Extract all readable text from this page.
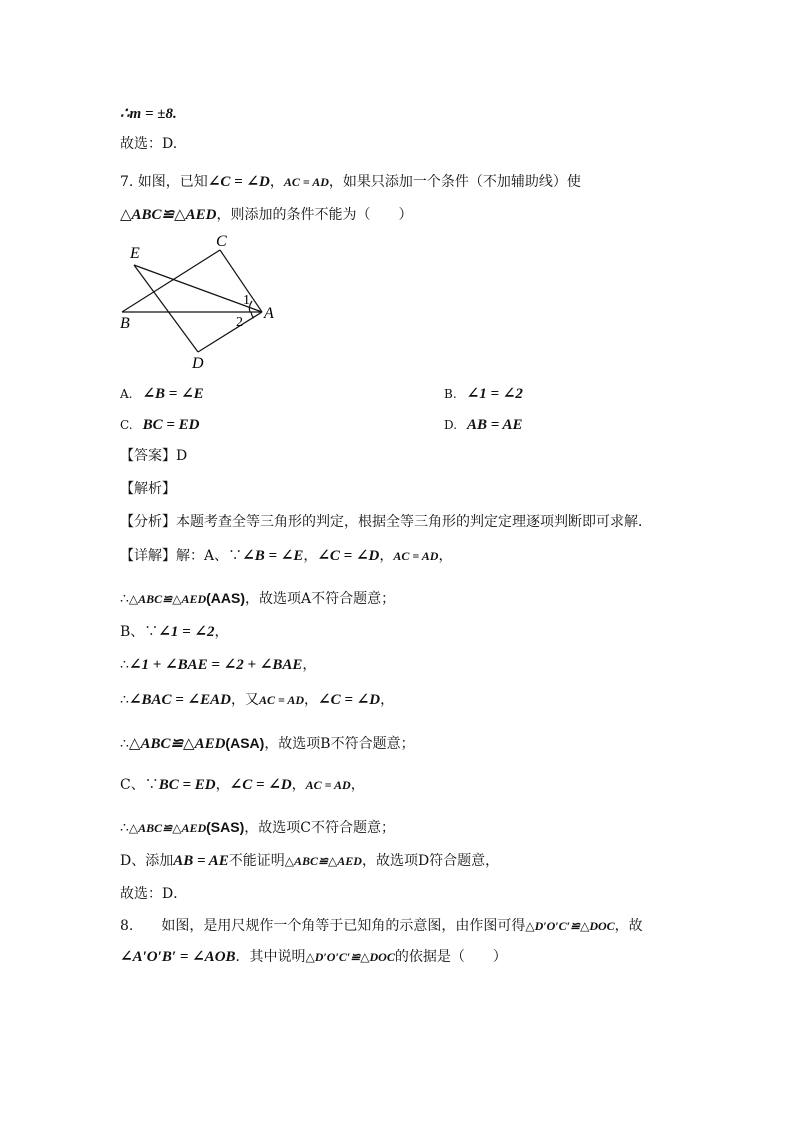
∴m = ±8.
故选：D.
7. 如图，已知∠C = ∠D，AC = AD，如果只添加一个条件（不加辅助线）使
△ABC≌△AED，则添加的条件不能为（　　）
E
C
B
A
D
1
2
A. ∠B = ∠E	B. ∠1 = ∠2
C. BC = ED	D. AB = AE
【答案】D
【解析】
【分析】本题考查全等三角形的判定，根据全等三角形的判定定理逐项判断即可求解．
【详解】解：A、∵∠B = ∠E，∠C = ∠D，AC = AD，
∴△ABC≌△AED(AAS)，故选项A不符合题意；
B、∵∠1 = ∠2，
∴∠1 + ∠BAE = ∠2 + ∠BAE，
∴∠BAC = ∠EAD，又AC = AD，∠C = ∠D，
∴△ABC≌△AED(ASA)，故选项B不符合题意；
C、∵BC = ED，∠C = ∠D，AC = AD，
∴△ABC≌△AED(SAS)，故选项C不符合题意；
D、添加AB = AE不能证明△ABC≌△AED，故选项D符合题意，
故选：D．
8.　　如图，是用尺规作一个角等于已知角的示意图，由作图可得△D′O′C′≌△DOC，故
∠A′O′B′ = ∠AOB．其中说明△D′O′C′≌△DOC的依据是（　　）
